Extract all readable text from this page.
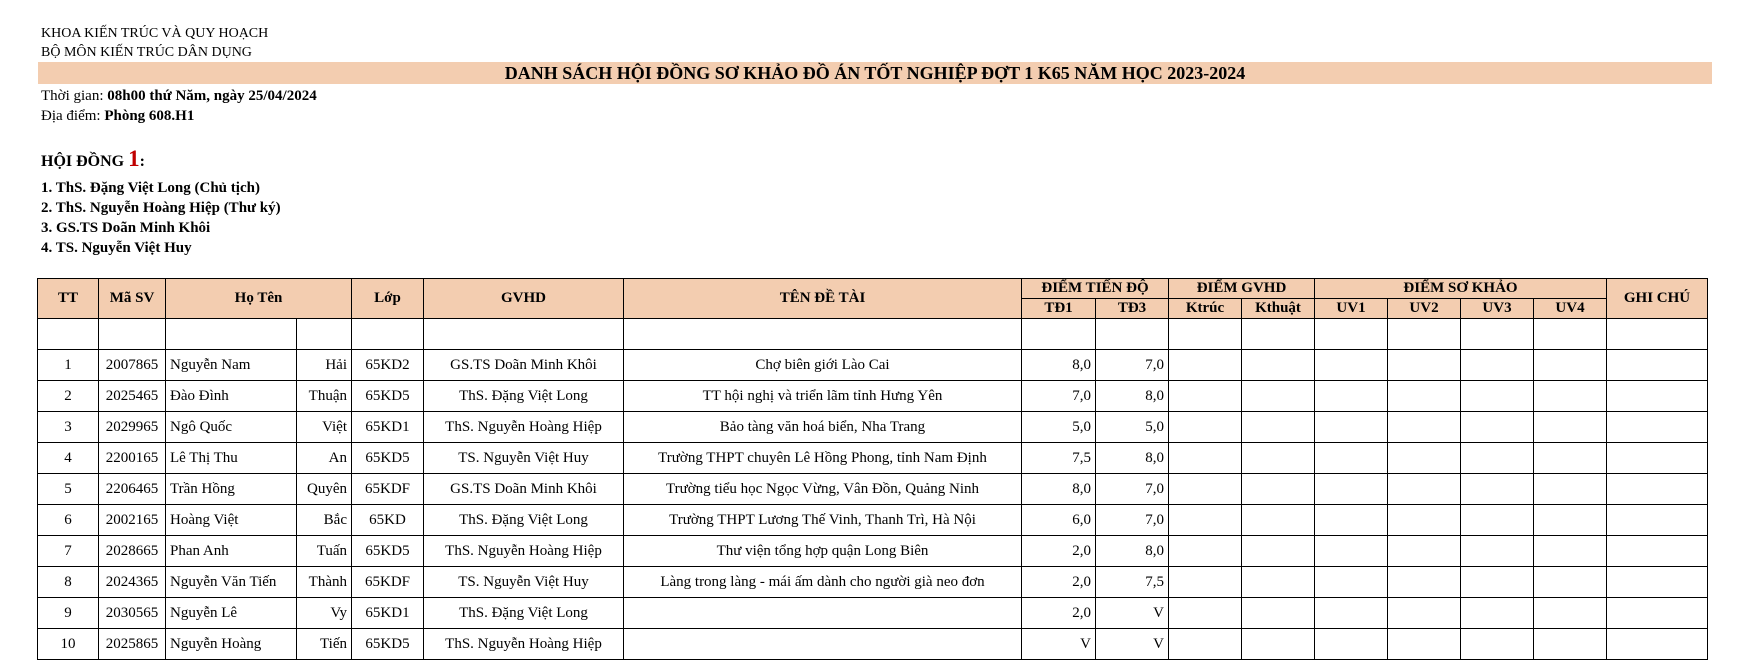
KHOA KIẾN TRÚC VÀ QUY HOẠCH
BỘ MÔN KIẾN TRÚC DÂN DỤNG
DANH SÁCH HỘI ĐỒNG SƠ KHẢO ĐỒ ÁN TỐT NGHIỆP ĐỢT 1 K65 NĂM HỌC 2023-2024
Thời gian: 08h00 thứ Năm, ngày 25/04/2024
Địa điểm: Phòng 608.H1
HỘI ĐỒNG 1:
1. ThS. Đặng Việt Long (Chủ tịch)
2. ThS. Nguyễn Hoàng Hiệp (Thư ký)
3. GS.TS Doãn Minh Khôi
4. TS. Nguyễn Việt Huy
TT	Mã SV	Họ Tên		Lớp	GVHD	TÊN ĐỀ TÀI	ĐIỂM TIẾN ĐỘ		ĐIỂM GVHD		ĐIỂM SƠ KHẢO				GHI CHÚ
							TĐ1	TĐ3	Ktrúc	Kthuật	UV1	UV2	UV3	UV4	

1	2007865	Nguyễn Nam	Hải	65KD2	GS.TS Doãn Minh Khôi	Chợ biên giới Lào Cai	8,0	7,0							
2	2025465	Đào Đình	Thuận	65KD5	ThS. Đặng Việt Long	TT hội nghị và triển lãm tỉnh Hưng Yên	7,0	8,0							
3	2029965	Ngô Quốc	Việt	65KD1	ThS. Nguyễn Hoàng Hiệp	Bảo tàng văn hoá biển, Nha Trang	5,0	5,0							
4	2200165	Lê Thị Thu	An	65KD5	TS. Nguyễn Việt Huy	Trường THPT chuyên Lê Hồng Phong, tỉnh Nam Định	7,5	8,0							
5	2206465	Trần Hồng	Quyên	65KDF	GS.TS Doãn Minh Khôi	Trường tiểu học Ngọc Vừng, Vân Đồn, Quảng Ninh	8,0	7,0							
6	2002165	Hoàng Việt	Bắc	65KD	ThS. Đặng Việt Long	Trường THPT Lương Thế Vinh, Thanh Trì, Hà Nội	6,0	7,0							
7	2028665	Phan Anh	Tuấn	65KD5	ThS. Nguyễn Hoàng Hiệp	Thư viện tổng hợp quận Long Biên	2,0	8,0							
8	2024365	Nguyễn Văn Tiến	Thành	65KDF	TS. Nguyễn Việt Huy	Làng trong làng - mái ấm dành cho người già neo đơn	2,0	7,5							
9	2030565	Nguyễn Lê	Vy	65KD1	ThS. Đặng Việt Long		2,0	V							
10	2025865	Nguyễn Hoàng	Tiến	65KD5	ThS. Nguyễn Hoàng Hiệp		V	V							
